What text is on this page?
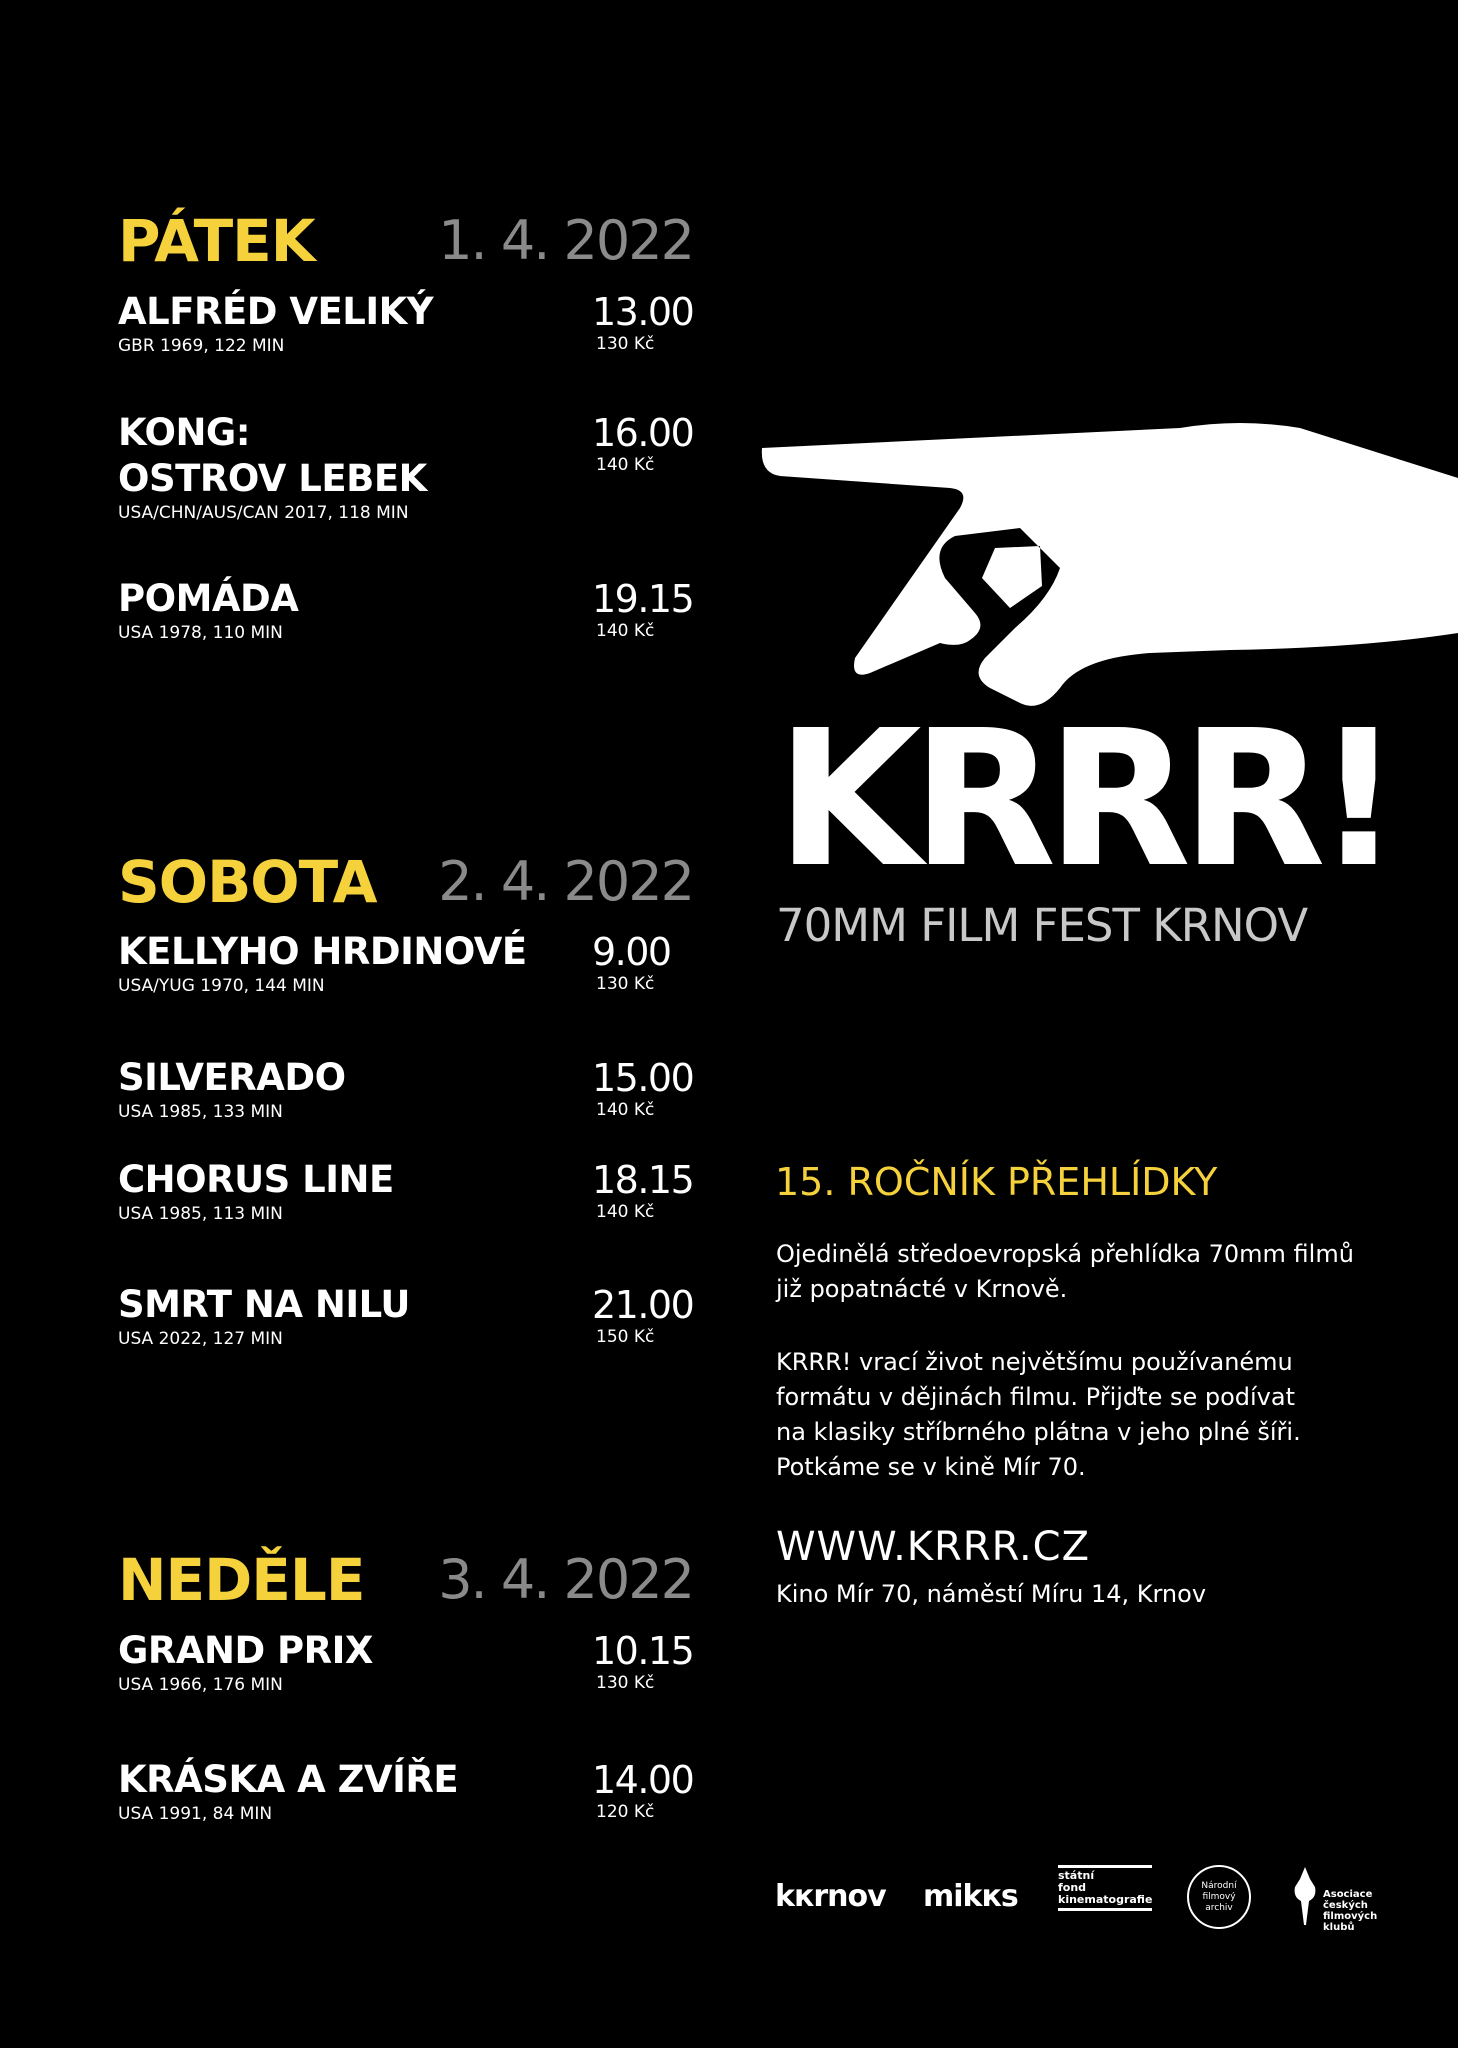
PÁTEK 1. 4. 2022
ALFRÉD VELIKÝ
GBR 1969, 122 MIN
13.00
130 Kč
KONG:
OSTROV LEBEK
USA/CHN/AUS/CAN 2017, 118 MIN
16.00
140 Kč
POMÁDA
USA 1978, 110 MIN
19.15
140 Kč
SOBOTA 2. 4. 2022
KELLYHO HRDINOVÉ
USA/YUG 1970, 144 MIN
9.00
130 Kč
SILVERADO
USA 1985, 133 MIN
15.00
140 Kč
CHORUS LINE
USA 1985, 113 MIN
18.15
140 Kč
SMRT NA NILU
USA 2022, 127 MIN
21.00
150 Kč
NEDĚLE 3. 4. 2022
GRAND PRIX
USA 1966, 176 MIN
10.15
130 Kč
KRÁSKA A ZVÍŘE
USA 1991, 84 MIN
14.00
120 Kč
KRRR!
70MM FILM FEST KRNOV
15. ROČNÍK PŘEHLÍDKY
Ojedinělá středoevropská přehlídka 70mm filmů
již popatnácté v Krnově.
KRRR! vrací život největšímu používanému
formátu v dějinách filmu. Přijďte se podívat
na klasiky stříbrného plátna v jeho plné šíři.
Potkáme se v kině Mír 70.
WWW.KRRR.CZ
Kino Mír 70, náměstí Míru 14, Krnov
kкrnov mikкs
státní
fond
kinematografie
Národní
filmový
archiv

Asociace
českých
filmových
klubů
